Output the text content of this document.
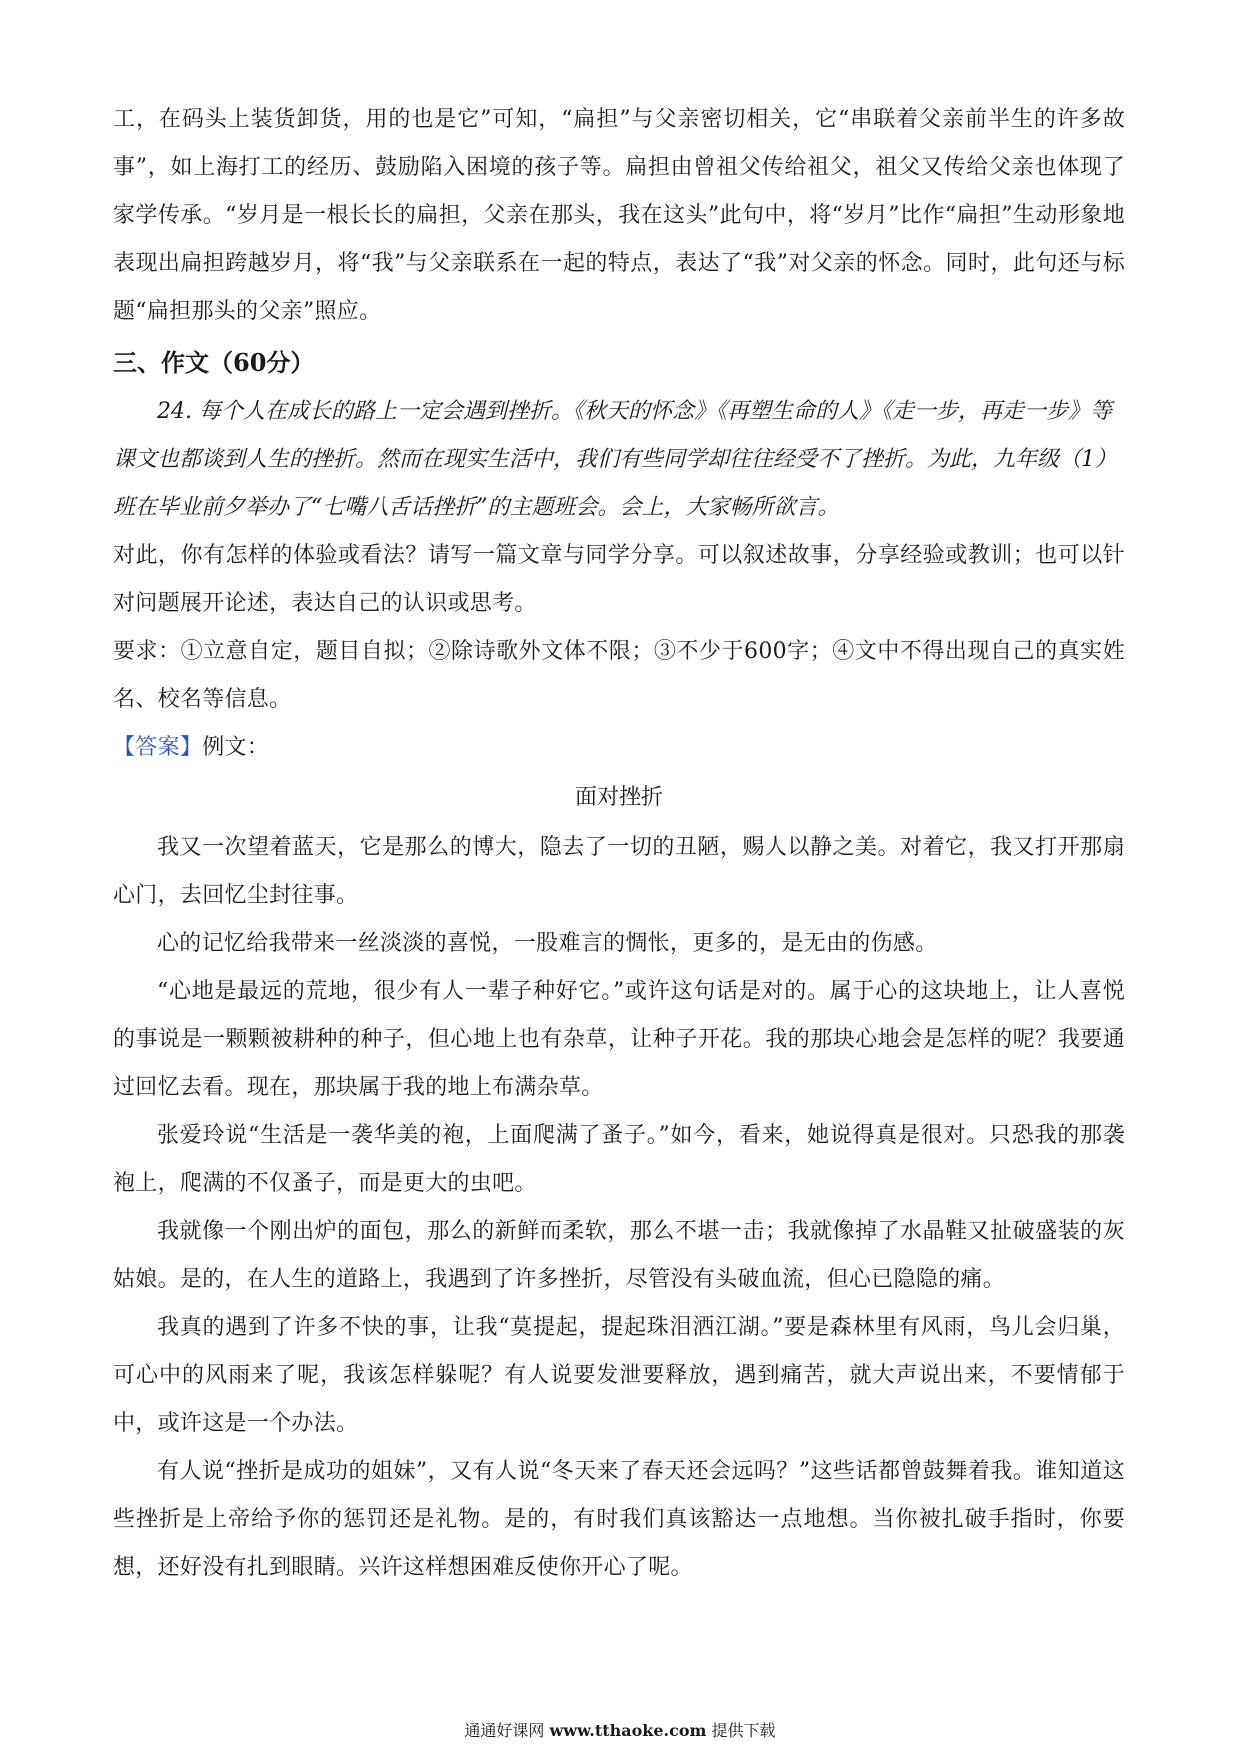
工，在码头上装货卸货，用的也是它”可知，“扁担”与父亲密切相关，它“串联着父亲前半生的许多故事”，如上海打工的经历、鼓励陷入困境的孩子等。扁担由曾祖父传给祖父，祖父又传给父亲也体现了家学传承。“岁月是一根长长的扁担，父亲在那头，我在这头”此句中，将“岁月”比作“扁担”生动形象地表现出扁担跨越岁月，将“我”与父亲联系在一起的特点，表达了“我”对父亲的怀念。同时，此句还与标题“扁担那头的父亲”照应。

三、作文（60分）

24. 每个人在成长的路上一定会遇到挫折。《秋天的怀念》《再塑生命的人》《走一步，再走一步》等课文也都谈到人生的挫折。然而在现实生活中，我们有些同学却往往经受不了挫折。为此，九年级（1）班在毕业前夕举办了“七嘴八舌话挫折”的主题班会。会上，大家畅所欲言。

对此，你有怎样的体验或看法？请写一篇文章与同学分享。可以叙述故事，分享经验或教训；也可以针对问题展开论述，表达自己的认识或思考。

要求：①立意自定，题目自拟；②除诗歌外文体不限；③不少于600字；④文中不得出现自己的真实姓名、校名等信息。

【答案】例文：

面对挫折

我又一次望着蓝天，它是那么的博大，隐去了一切的丑陋，赐人以静之美。对着它，我又打开那扇心门，去回忆尘封往事。

心的记忆给我带来一丝淡淡的喜悦，一股难言的惆怅，更多的，是无由的伤感。

“心地是最远的荒地，很少有人一辈子种好它。”或许这句话是对的。属于心的这块地上，让人喜悦的事说是一颗颗被耕种的种子，但心地上也有杂草，让种子开花。我的那块心地会是怎样的呢？我要通过回忆去看。现在，那块属于我的地上布满杂草。

张爱玲说“生活是一袭华美的袍，上面爬满了蚤子。”如今，看来，她说得真是很对。只恐我的那袭袍上，爬满的不仅蚤子，而是更大的虫吧。

我就像一个刚出炉的面包，那么的新鲜而柔软，那么不堪一击；我就像掉了水晶鞋又扯破盛装的灰姑娘。是的，在人生的道路上，我遇到了许多挫折，尽管没有头破血流，但心已隐隐的痛。

我真的遇到了许多不快的事，让我“莫提起，提起珠泪洒江湖。”要是森林里有风雨，鸟儿会归巢，可心中的风雨来了呢，我该怎样躲呢？有人说要发泄要释放，遇到痛苦，就大声说出来，不要情郁于中，或许这是一个办法。

有人说“挫折是成功的姐妹”，又有人说“冬天来了春天还会远吗？”这些话都曾鼓舞着我。谁知道这些挫折是上帝给予你的惩罚还是礼物。是的，有时我们真该豁达一点地想。当你被扎破手指时，你要想，还好没有扎到眼睛。兴许这样想困难反使你开心了呢。

通通好课网 www.tthaoke.com 提供下载
